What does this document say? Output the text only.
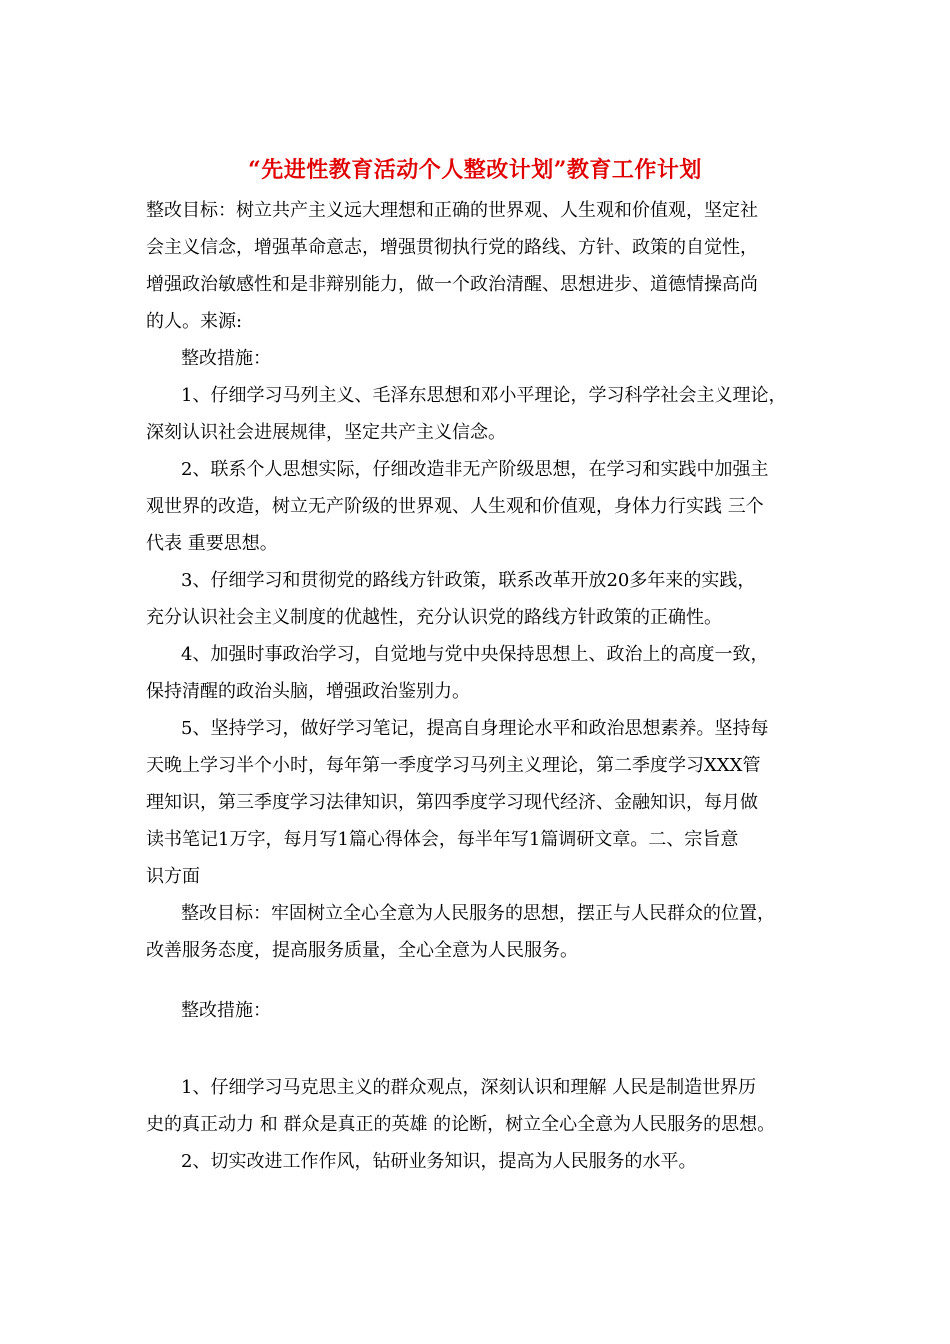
“先进性教育活动个人整改计划”教育工作计划
整改目标：树立共产主义远大理想和正确的世界观、人生观和价值观，坚定社
会主义信念，增强革命意志，增强贯彻执行党的路线、方针、政策的自觉性，
增强政治敏感性和是非辩别能力，做一个政治清醒、思想进步、道德情操高尚
的人。来源:
整改措施：
1、仔细学习马列主义、毛泽东思想和邓小平理论，学习科学社会主义理论，
深刻认识社会进展规律，坚定共产主义信念。
2、联系个人思想实际，仔细改造非无产阶级思想，在学习和实践中加强主
观世界的改造，树立无产阶级的世界观、人生观和价值观，身体力行实践 三个
代表 重要思想。
3、仔细学习和贯彻党的路线方针政策，联系改革开放20多年来的实践，
充分认识社会主义制度的优越性，充分认识党的路线方针政策的正确性。
4、加强时事政治学习，自觉地与党中央保持思想上、政治上的高度一致，
保持清醒的政治头脑，增强政治鉴别力。
5、坚持学习，做好学习笔记，提高自身理论水平和政治思想素养。坚持每
天晚上学习半个小时，每年第一季度学习马列主义理论，第二季度学习XXX管
理知识，第三季度学习法律知识，第四季度学习现代经济、金融知识，每月做
读书笔记1万字，每月写1篇心得体会，每半年写1篇调研文章。二、宗旨意
识方面
整改目标：牢固树立全心全意为人民服务的思想，摆正与人民群众的位置，
改善服务态度，提高服务质量，全心全意为人民服务。
整改措施：
1、仔细学习马克思主义的群众观点，深刻认识和理解 人民是制造世界历
史的真正动力 和 群众是真正的英雄 的论断，树立全心全意为人民服务的思想。
2、切实改进工作作风，钻研业务知识，提高为人民服务的水平。
